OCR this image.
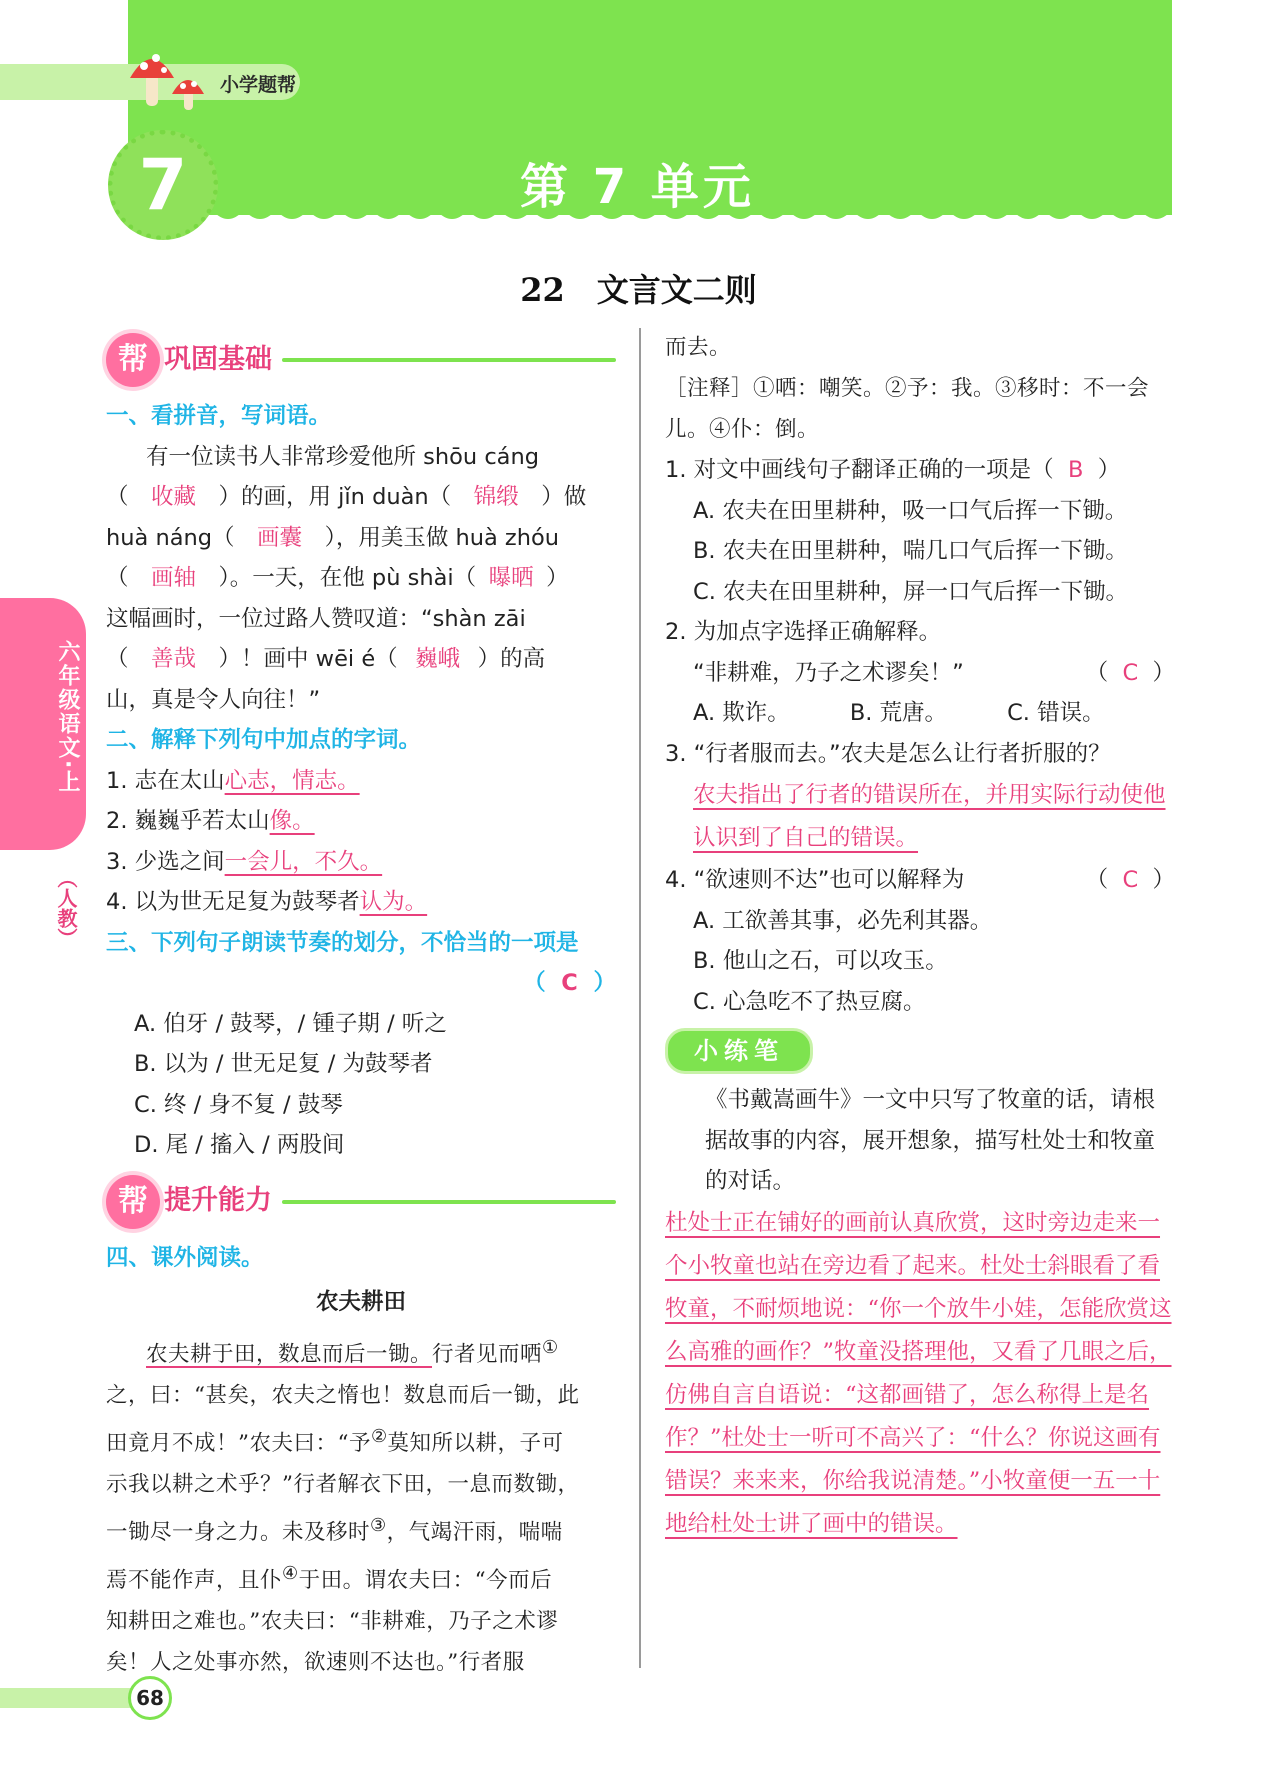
小学题帮
7	第 7 单元
22　文言文二则
六年级语文·上
（人教）
帮 巩固基础

一、看拼音，写词语。

有一位读书人非常珍爱他所 shōu cáng

（ 收藏 ）的画，用 jǐn duàn（ 锦缎 ）做

huà náng（ 画囊 ），用美玉做 huà zhóu

（ 画轴 ）。一天，在他 pù shài（ 曝晒 ）

这幅画时，一位过路人赞叹道：“shàn zāi

（ 善哉 ）！画中 wēi é（ 巍峨 ）的高

山，真是令人向往！”

二、解释下列句中加点的字词。

1. 志在太山心志，情志。

2. 巍巍乎若太山像。

3. 少选之间一会儿，不久。

4. 以为世无足复为鼓琴者认为。

三、下列句子朗读节奏的划分，不恰当的一项是

（ C ）

A. 伯牙 / 鼓琴，/ 锺子期 / 听之

B. 以为 / 世无足复 / 为鼓琴者

C. 终 / 身不复 / 鼓琴

D. 尾 / 搐入 / 两股间

帮 提升能力

四、课外阅读。

农夫耕田

农夫耕于田，数息而后一锄。行者见而哂①

之，曰：“甚矣，农夫之惰也！数息而后一锄，此

田竟月不成！”农夫曰：“予②莫知所以耕，子可

示我以耕之术乎？”行者解衣下田，一息而数锄，

一锄尽一身之力。未及移时③，气竭汗雨，喘喘

焉不能作声，且仆④于田。谓农夫曰：“今而后

知耕田之难也。”农夫曰：“非耕难，乃子之术谬

矣！人之处事亦然，欲速则不达也。”行者服

而去。

［注释］①哂：嘲笑。②予：我。③移时：不一会

儿。④仆：倒。

1. 对文中画线句子翻译正确的一项是（ B ）

A. 农夫在田里耕种，吸一口气后挥一下锄。

B. 农夫在田里耕种，喘几口气后挥一下锄。

C. 农夫在田里耕种，屏一口气后挥一下锄。

2. 为加点字选择正确解释。

“非耕难，乃子之术谬矣！”	（ C ）

A. 欺诈。	B. 荒唐。	C. 错误。

3. “行者服而去。”农夫是怎么让行者折服的？

农夫指出了行者的错误所在，并用实际行动使他认识到了自己的错误。

4. “欲速则不达”也可以解释为	（ C ）

A. 工欲善其事，必先利其器。

B. 他山之石，可以攻玉。

C. 心急吃不了热豆腐。

小练笔

《书戴嵩画牛》一文中只写了牧童的话，请根据故事的内容，展开想象，描写杜处士和牧童的对话。

杜处士正在铺好的画前认真欣赏，这时旁边走来一个小牧童也站在旁边看了起来。杜处士斜眼看了看牧童，不耐烦地说：“你一个放牛小娃，怎能欣赏这么高雅的画作？”牧童没搭理他，又看了几眼之后，仿佛自言自语说：“这都画错了，怎么称得上是名作？”杜处士一听可不高兴了：“什么？你说这画有错误？来来来，你给我说清楚。”小牧童便一五一十地给杜处士讲了画中的错误。

68
